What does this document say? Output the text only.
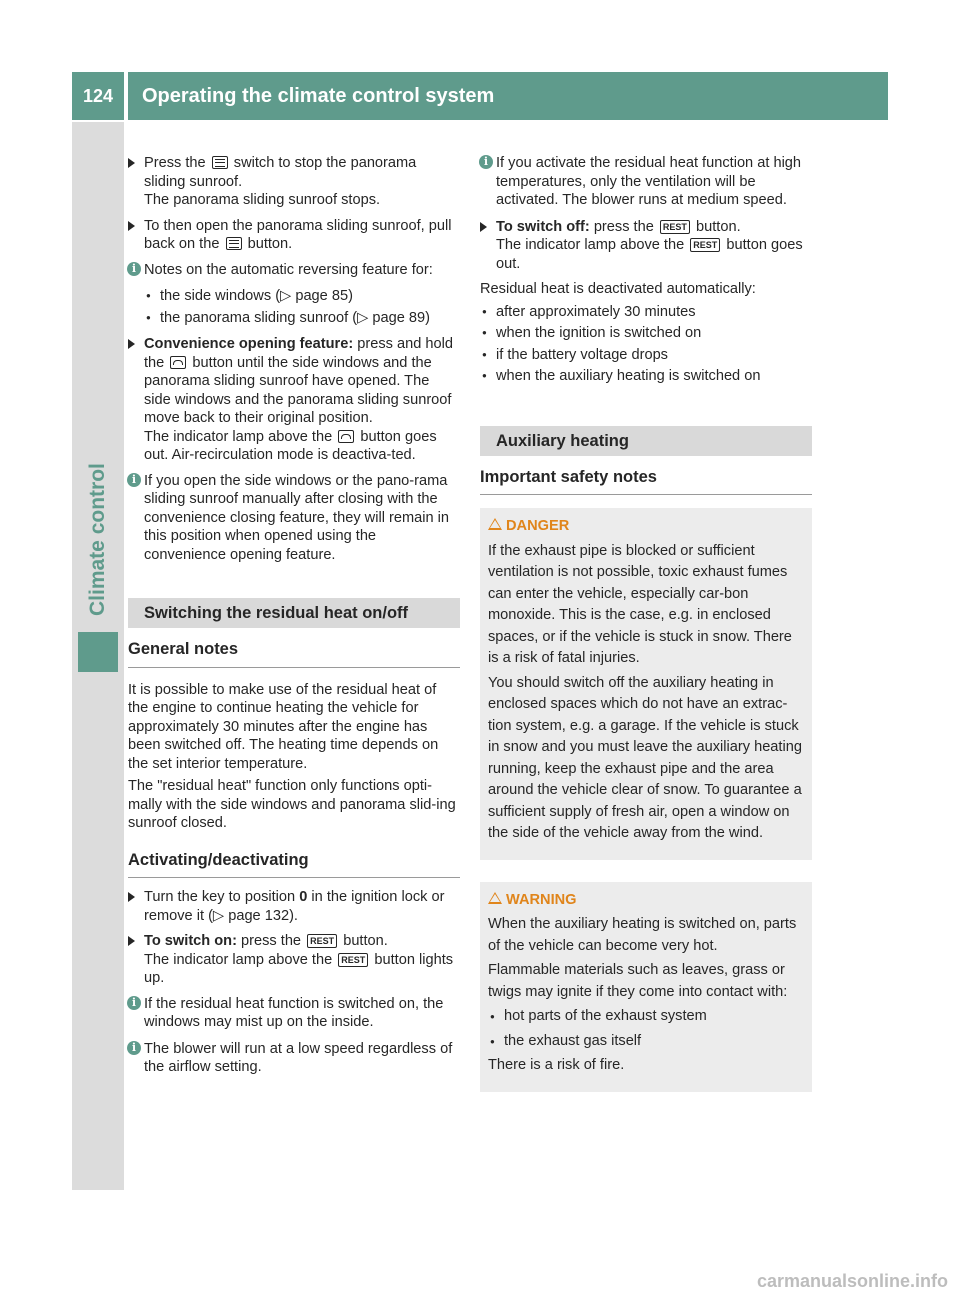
124	Operating the climate control system
Climate control
Press the switch to stop the panorama sliding sunroof.
The panorama sliding sunroof stops.
To then open the panorama sliding sunroof, pull back on the button.
i Notes on the automatic reversing feature for:
● the side windows (▷ page 85)
● the panorama sliding sunroof (▷ page 89)
Convenience opening feature: press and hold the button until the side windows and the panorama sliding sunroof have opened. The side windows and the panorama sliding sunroof move back to their original position.
The indicator lamp above the button goes out. Air-recirculation mode is deactiva-ted.
i If you open the side windows or the pano-rama sliding sunroof manually after closing with the convenience closing feature, they will remain in this position when opened using the convenience opening feature.
Switching the residual heat on/off
General notes

It is possible to make use of the residual heat of the engine to continue heating the vehicle for approximately 30 minutes after the engine has been switched off. The heating time depends on the set interior temperature.

The "residual heat" function only functions opti-mally with the side windows and panorama slid-ing sunroof closed.

Activating/deactivating
Turn the key to position 0 in the ignition lock or remove it (▷ page 132).
To switch on: press the REST button.
The indicator lamp above the REST button lights up.
i If the residual heat function is switched on, the windows may mist up on the inside.
i The blower will run at a low speed regardless of the airflow setting.
i If you activate the residual heat function at high temperatures, only the ventilation will be activated. The blower runs at medium speed.
To switch off: press the REST button.
The indicator lamp above the REST button goes out.

Residual heat is deactivated automatically:

● after approximately 30 minutes
● when the ignition is switched on
● if the battery voltage drops
● when the auxiliary heating is switched on
Auxiliary heating
Important safety notes
DANGER

If the exhaust pipe is blocked or sufficient ventilation is not possible, toxic exhaust fumes can enter the vehicle, especially car-bon monoxide. This is the case, e.g. in enclosed spaces, or if the vehicle is stuck in snow. There is a risk of fatal injuries.

You should switch off the auxiliary heating in enclosed spaces which do not have an extrac-tion system, e.g. a garage. If the vehicle is stuck in snow and you must leave the auxiliary heating running, keep the exhaust pipe and the area around the vehicle clear of snow. To guarantee a sufficient supply of fresh air, open a window on the side of the vehicle away from the wind.

WARNING

When the auxiliary heating is switched on, parts of the vehicle can become very hot.

Flammable materials such as leaves, grass or twigs may ignite if they come into contact with:

● hot parts of the exhaust system
● the exhaust gas itself

There is a risk of fire.

carmanualsonline.info
